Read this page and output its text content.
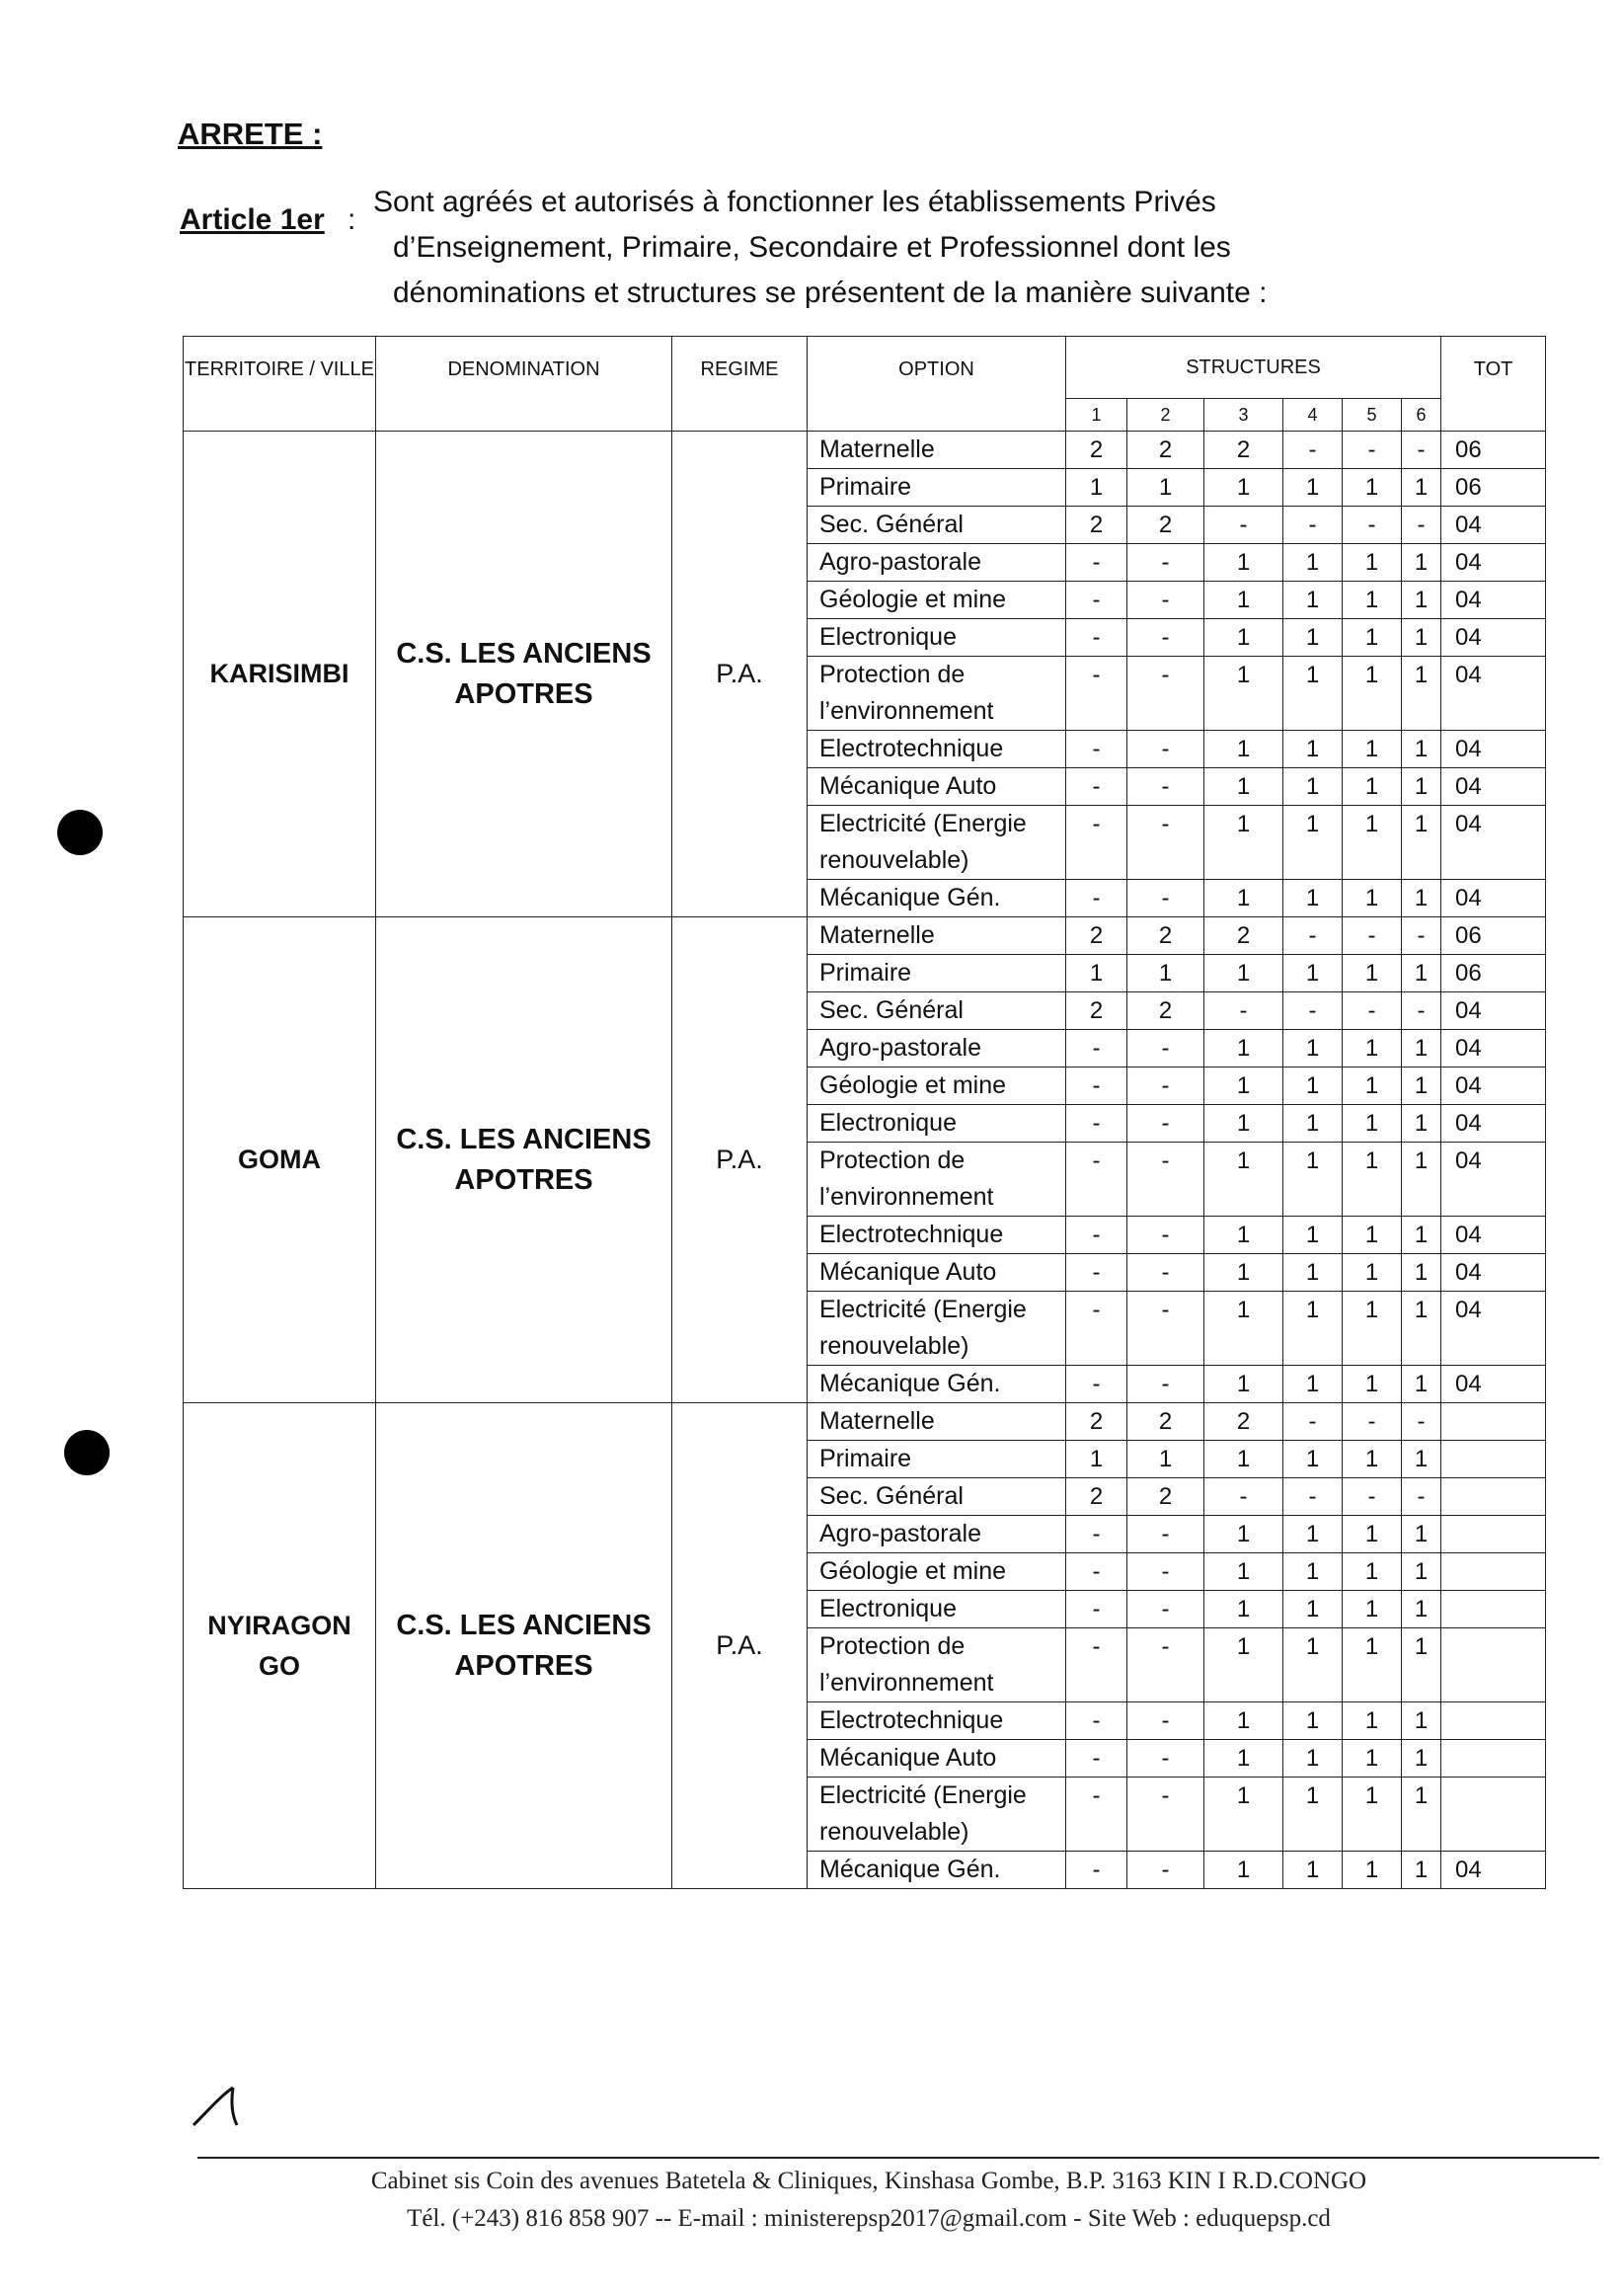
ARRETE :
Article 1er :

Sont agréés et autorisés à fonctionner les établissements Privés

d’Enseignement, Primaire, Secondaire et Professionnel dont les

dénominations et structures se présentent de la manière suivante :

TERRITOIRE / VILLE	DENOMINATION	REGIME	OPTION	STRUCTURES						TOT
				1	2	3	4	5	6	
KARISIMBI	C.S. LES ANCIENS APOTRES	P.A.	Maternelle	2	2	2	-	-	-	06
			Primaire	1	1	1	1	1	1	06
			Sec. Général	2	2	-	-	-	-	04
			Agro-pastorale	-	-	1	1	1	1	04
			Géologie et mine	-	-	1	1	1	1	04
			Electronique	-	-	1	1	1	1	04
			Protection de l’environnement	-	-	1	1	1	1	04
			Electrotechnique	-	-	1	1	1	1	04
			Mécanique Auto	-	-	1	1	1	1	04
			Electricité (Energie renouvelable)	-	-	1	1	1	1	04
			Mécanique Gén.	-	-	1	1	1	1	04
GOMA	C.S. LES ANCIENS APOTRES	P.A.	Maternelle	2	2	2	-	-	-	06
			Primaire	1	1	1	1	1	1	06
			Sec. Général	2	2	-	-	-	-	04
			Agro-pastorale	-	-	1	1	1	1	04
			Géologie et mine	-	-	1	1	1	1	04
			Electronique	-	-	1	1	1	1	04
			Protection de l’environnement	-	-	1	1	1	1	04
			Electrotechnique	-	-	1	1	1	1	04
			Mécanique Auto	-	-	1	1	1	1	04
			Electricité (Energie renouvelable)	-	-	1	1	1	1	04
			Mécanique Gén.	-	-	1	1	1	1	04
NYIRAGON GO	C.S. LES ANCIENS APOTRES	P.A.	Maternelle	2	2	2	-	-	-	
			Primaire	1	1	1	1	1	1	
			Sec. Général	2	2	-	-	-	-	
			Agro-pastorale	-	-	1	1	1	1	
			Géologie et mine	-	-	1	1	1	1	
			Electronique	-	-	1	1	1	1	
			Protection de l’environnement	-	-	1	1	1	1	
			Electrotechnique	-	-	1	1	1	1	
			Mécanique Auto	-	-	1	1	1	1	
			Electricité (Energie renouvelable)	-	-	1	1	1	1	
			Mécanique Gén.	-	-	1	1	1	1	04

Cabinet sis Coin des avenues Batetela & Cliniques, Kinshasa Gombe, B.P. 3163 KIN I R.D.CONGO

Tél. (+243) 816 858 907 -- E-mail : ministerepsp2017@gmail.com - Site Web : eduquepsp.cd
